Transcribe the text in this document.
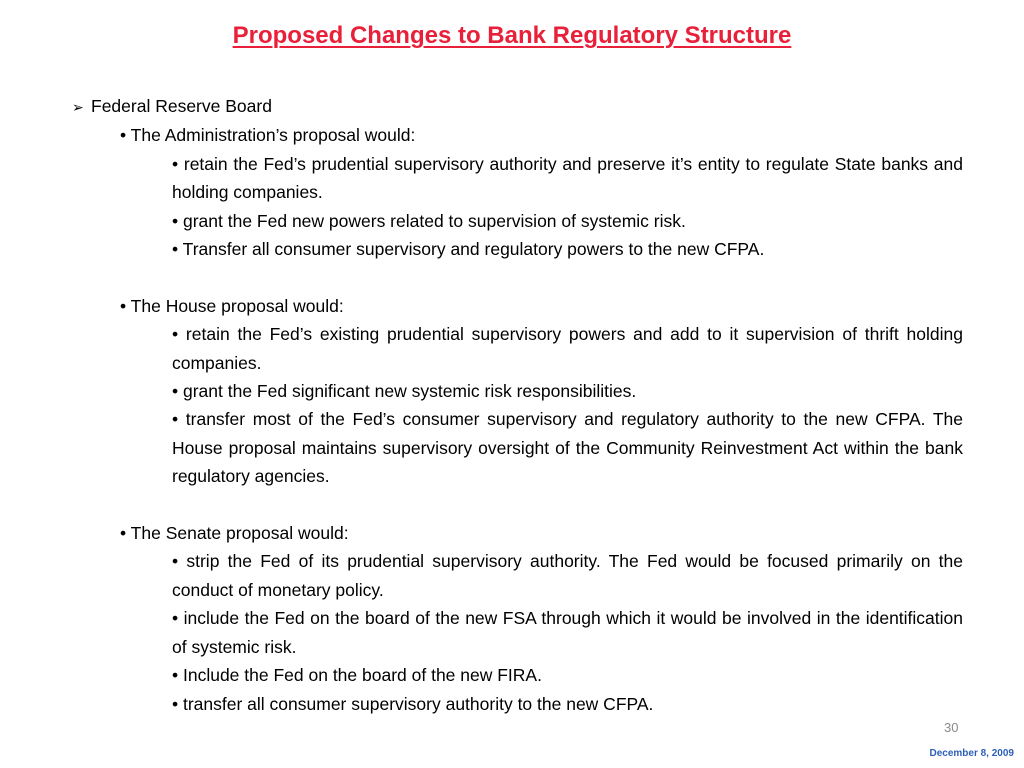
Proposed Changes to Bank Regulatory Structure
➢ Federal Reserve Board
• The Administration’s proposal would:
• retain the Fed’s prudential supervisory authority and preserve it’s entity to regulate State banks and holding companies.
• grant the Fed new powers related to supervision of systemic risk.
• Transfer all consumer supervisory and regulatory powers to the new CFPA.
• The House proposal would:
• retain the Fed’s existing prudential supervisory powers and add to it supervision of thrift holding companies.
• grant the Fed significant new systemic risk responsibilities.
• transfer most of the Fed’s consumer supervisory and regulatory authority to the new CFPA. The House proposal maintains supervisory oversight of the Community Reinvestment Act within the bank regulatory agencies.
• The Senate proposal would:
• strip the Fed of its prudential supervisory authority. The Fed would be focused primarily on the conduct of monetary policy.
• include the Fed on the board of the new FSA through which it would be involved in the identification of systemic risk.
• Include the Fed on the board of the new FIRA.
• transfer all consumer supervisory authority to the new CFPA.
30
December 8, 2009
